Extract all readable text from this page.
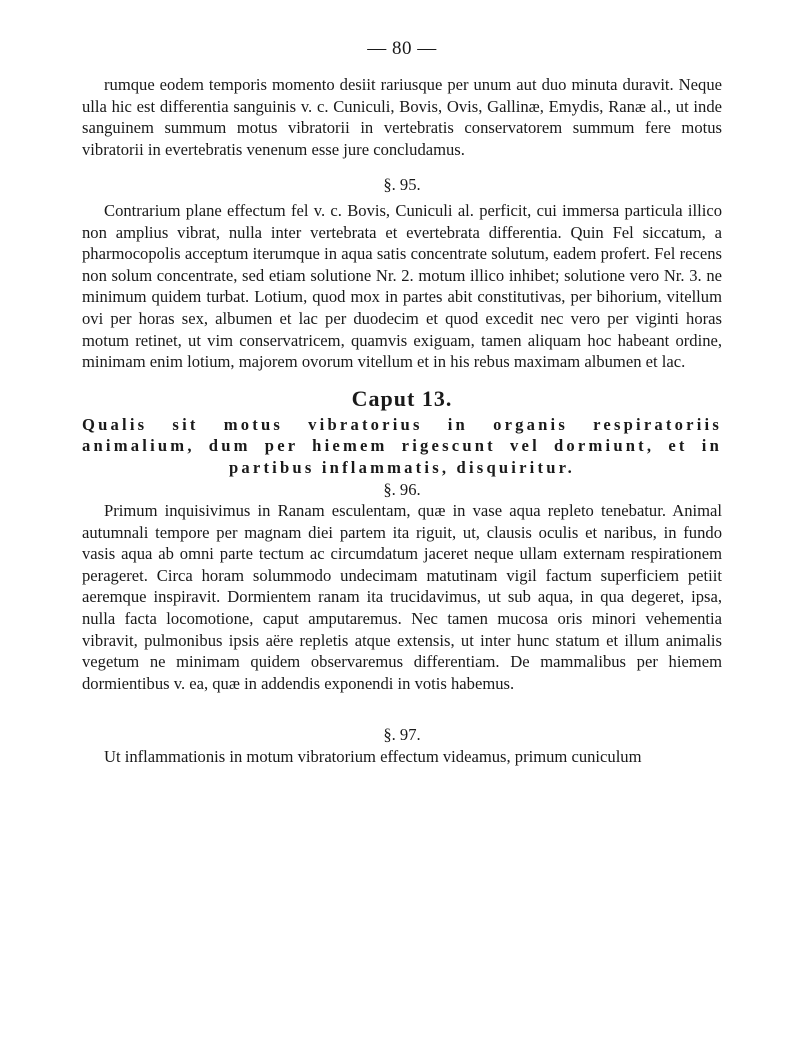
— 80 —

rumque eodem temporis momento desiit rariusque per unum aut duo minuta duravit. Neque ulla hic est differentia sanguinis v. c. Cuniculi, Bovis, Ovis, Gallinæ, Emydis, Ranæ al., ut inde sanguinem summum motus vibratorii in vertebratis conservatorem summum fere motus vibratorii in evertebratis venenum esse jure concludamus.

§. 95.

Contrarium plane effectum fel v. c. Bovis, Cuniculi al. perficit, cui immersa particula illico non amplius vibrat, nulla inter vertebrata et evertebrata differentia. Quin Fel siccatum, a pharmocopolis acceptum iterumque in aqua satis concentrate solutum, eadem profert. Fel recens non solum concentrate, sed etiam solutione Nr. 2. motum illico inhibet; solutione vero Nr. 3. ne minimum quidem turbat. Lotium, quod mox in partes abit constitutivas, per bihorium, vitellum ovi per horas sex, albumen et lac per duodecim et quod excedit nec vero per viginti horas motum retinet, ut vim conservatricem, quamvis exiguam, tamen aliquam hoc habeant ordine, minimam enim lotium, majorem ovorum vitellum et in his rebus maximam albumen et lac.

Caput 13.

Qualis sit motus vibratorius in organis respiratoriis animalium, dum per hiemem rigescunt vel dormiunt, et in partibus inflammatis, disquiritur.

§. 96.

Primum inquisivimus in Ranam esculentam, quæ in vase aqua repleto tenebatur. Animal autumnali tempore per magnam diei partem ita riguit, ut, clausis oculis et naribus, in fundo vasis aqua ab omni parte tectum ac circumdatum jaceret neque ullam externam respirationem perageret. Circa horam solummodo undecimam matutinam vigil factum superficiem petiit aeremque inspiravit. Dormientem ranam ita trucidavimus, ut sub aqua, in qua degeret, ipsa, nulla facta locomotione, caput amputaremus. Nec tamen mucosa oris minori vehementia vibravit, pulmonibus ipsis aëre repletis atque extensis, ut inter hunc statum et illum animalis vegetum ne minimam quidem observaremus differentiam. De mammalibus per hiemem dormientibus v. ea, quæ in addendis exponendi in votis habemus.

§. 97.

Ut inflammationis in motum vibratorium effectum videamus, primum cuniculum
